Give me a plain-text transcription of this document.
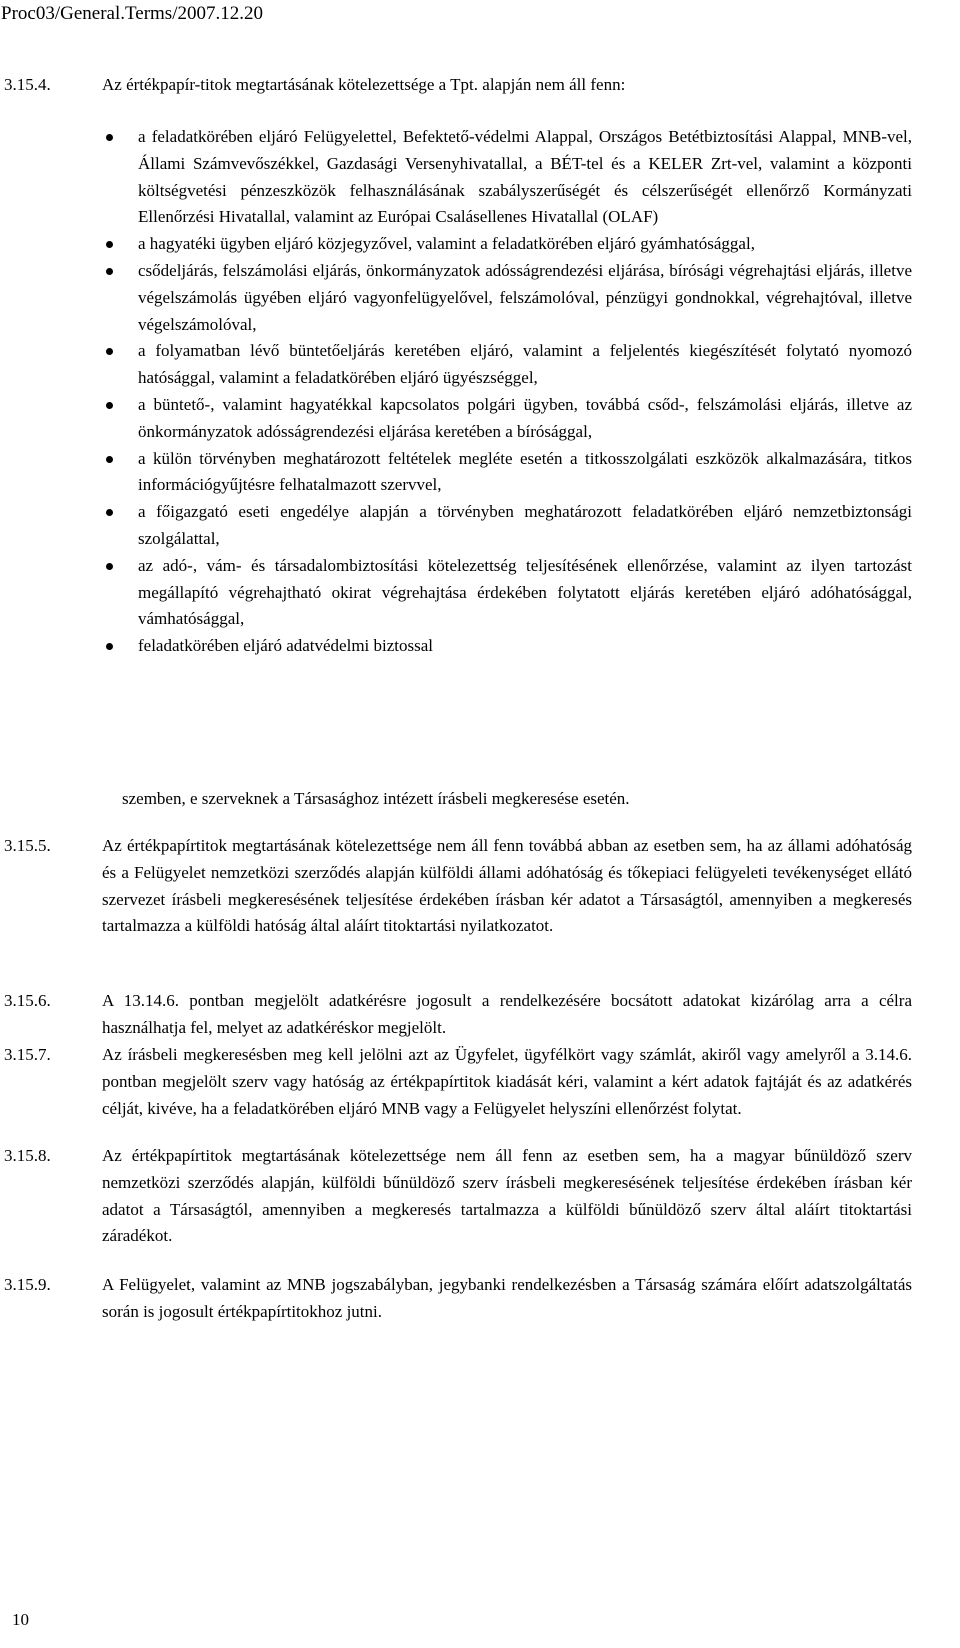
Proc03/General.Terms/2007.12.20
3.15.4.	Az értékpapír-titok megtartásának kötelezettsége a Tpt. alapján nem áll fenn:
a feladatkörében eljáró Felügyelettel, Befektető-védelmi Alappal, Országos Betétbiztosítási Alappal, MNB-vel, Állami Számvevőszékkel, Gazdasági Versenyhivatallal, a BÉT-tel és a KELER Zrt-vel, valamint a központi költségvetési pénzeszközök felhasználásának szabályszerűségét és célszerűségét ellenőrző Kormányzati Ellenőrzési Hivatallal, valamint az Európai Csalásellenes Hivatallal (OLAF)
a hagyatéki ügyben eljáró közjegyzővel, valamint a feladatkörében eljáró gyámhatósággal,
csődeljárás, felszámolási eljárás, önkormányzatok adósságrendezési eljárása, bírósági végrehajtási eljárás, illetve végelszámolás ügyében eljáró vagyonfelügyelővel, felszámolóval, pénzügyi gondnokkal, végrehajtóval, illetve végelszámolóval,
a folyamatban lévő büntetőeljárás keretében eljáró, valamint a feljelentés kiegészítését folytató nyomozó hatósággal, valamint a feladatkörében eljáró ügyészséggel,
a büntető-, valamint hagyatékkal kapcsolatos polgári ügyben, továbbá csőd-, felszámolási eljárás, illetve az önkormányzatok adósságrendezési eljárása keretében a bírósággal,
a külön törvényben meghatározott feltételek megléte esetén a titkosszolgálati eszközök alkalmazására, titkos információgyűjtésre felhatalmazott szervvel,
a főigazgató eseti engedélye alapján a törvényben meghatározott feladatkörében eljáró nemzetbiztonsági szolgálattal,
az adó-, vám- és társadalombiztosítási kötelezettség teljesítésének ellenőrzése, valamint az ilyen tartozást megállapító végrehajtható okirat végrehajtása érdekében folytatott eljárás keretében eljáró adóhatósággal, vámhatósággal,
feladatkörében eljáró adatvédelmi biztossal
szemben, e szerveknek a Társasághoz intézett írásbeli megkeresése esetén.
3.15.5.	Az értékpapírtitok megtartásának kötelezettsége nem áll fenn továbbá abban az esetben sem, ha az állami adóhatóság és a Felügyelet nemzetközi szerződés alapján külföldi állami adóhatóság és tőkepiaci felügyeleti tevékenységet ellátó szervezet írásbeli megkeresésének teljesítése érdekében írásban kér adatot a Társaságtól, amennyiben a megkeresés tartalmazza a külföldi hatóság által aláírt titoktartási nyilatkozatot.
3.15.6.	A 13.14.6. pontban megjelölt adatkérésre jogosult a rendelkezésére bocsátott adatokat kizárólag arra a célra használhatja fel, melyet az adatkéréskor megjelölt.
3.15.7.	Az írásbeli megkeresésben meg kell jelölni azt az Ügyfelet, ügyfélkört vagy számlát, akiről vagy amelyről a 3.14.6. pontban megjelölt szerv vagy hatóság az értékpapírtitok kiadását kéri, valamint a kért adatok fajtáját és az adatkérés célját, kivéve, ha a feladatkörében eljáró MNB vagy a Felügyelet helyszíni ellenőrzést folytat.
3.15.8.	Az értékpapírtitok megtartásának kötelezettsége nem áll fenn az esetben sem, ha a magyar bűnüldöző szerv nemzetközi szerződés alapján, külföldi bűnüldöző szerv írásbeli megkeresésének teljesítése érdekében írásban kér adatot a Társaságtól, amennyiben a megkeresés tartalmazza a külföldi bűnüldöző szerv által aláírt titoktartási záradékot.
3.15.9.	A Felügyelet, valamint az MNB jogszabályban, jegybanki rendelkezésben a Társaság számára előírt adatszolgáltatás során is jogosult értékpapírtitokhoz jutni.
10
